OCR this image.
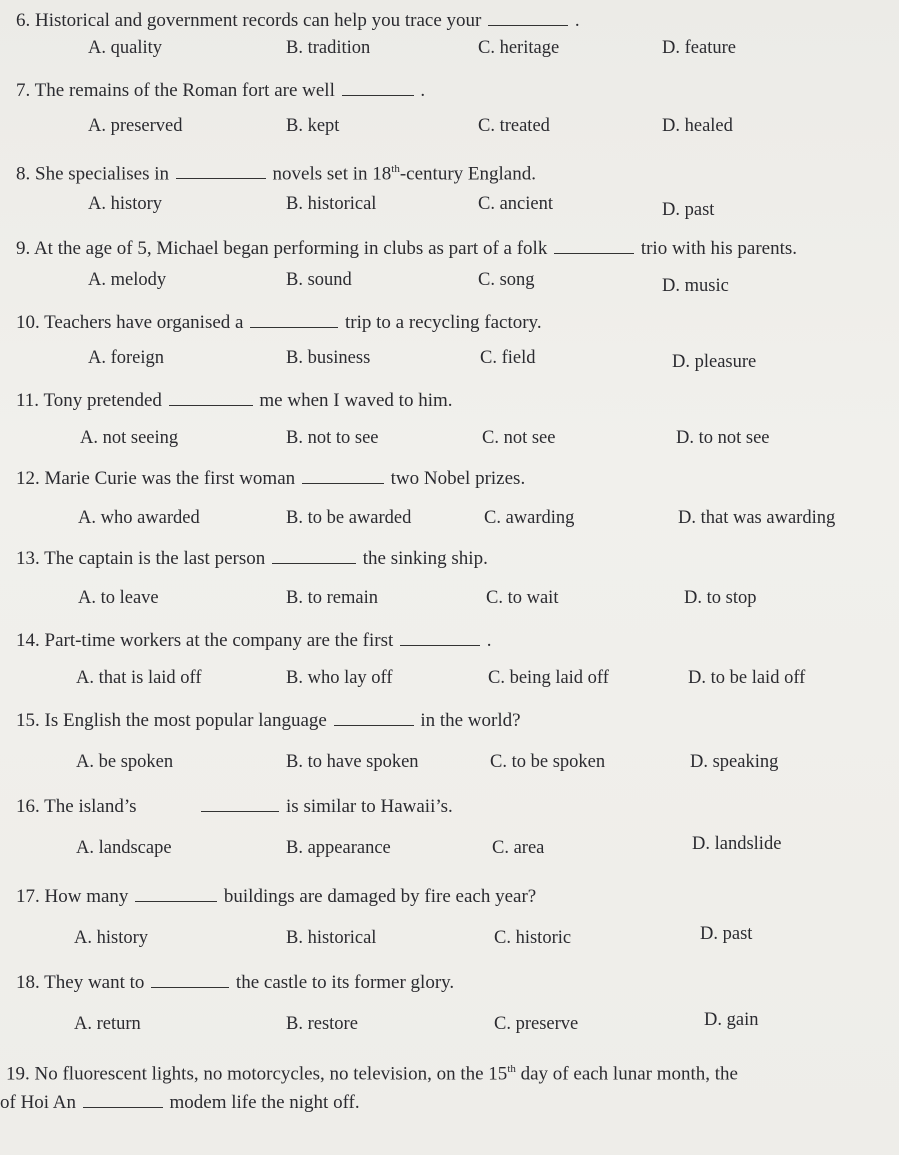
6. Historical and government records can help you trace your	.
A. quality	B. tradition	C. heritage	D. feature
7. The remains of the Roman fort are well	.
A. preserved	B. kept	C. treated	D. healed
8. She specialises in	novels set in 18th-century England.
A. history	B. historical	C. ancient	D. past
9. At the age of 5, Michael began performing in clubs as part of a folk	trio with his parents.
A. melody	B. sound	C. song	D. music
10. Teachers have organised a	trip to a recycling factory.
A. foreign	B. business	C. field	D. pleasure
11. Tony pretended	me when I waved to him.
A. not seeing	B. not to see	C. not see	D. to not see
12. Marie Curie was the first woman	two Nobel prizes.
A. who awarded	B. to be awarded	C. awarding	D. that was awarding
13. The captain is the last person	the sinking ship.
A. to leave	B. to remain	C. to wait	D. to stop
14. Part-time workers at the company are the first	.
A. that is laid off	B. who lay off	C. being laid off	D. to be laid off
15. Is English the most popular language	in the world?
A. be spoken	B. to have spoken	C. to be spoken	D. speaking
16. The island’s	is similar to Hawaii’s.
A. landscape	B. appearance	C. area	D. landslide
17. How many	buildings are damaged by fire each year?
A. history	B. historical	C. historic	D. past
18. They want to	the castle to its former glory.
A. return	B. restore	C. preserve	D. gain
19. No fluorescent lights, no motorcycles, no television, on the 15th day of each lunar month, the
of Hoi An	modem life the night off.
